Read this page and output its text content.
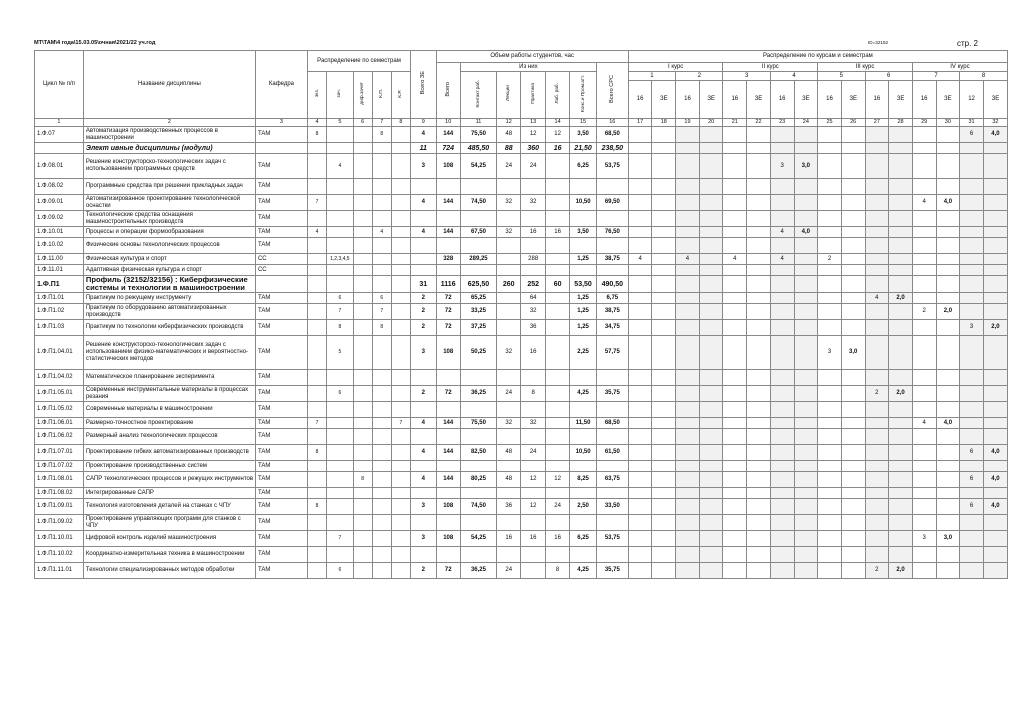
МТ\ТАМ\4 года\15.03.05\очная\2021/22 уч.год	ID=32152	стр. 2
Цикл № п/п	Название дисциплины	Кафедра	Распределение по семестрам					Всего ЗЕ	Объем работы студентов, час							Распределение по курсам и семестрам															
									Всего	Из них					Всего СРС	I курс				II курс				III курс				IV курс			
			экз.	зач.	диф.зачет	К.П.	К.Р.			Контакт.раб.	Лекции	Практика	Лаб. раб.	Конс.и Пром.атт.		1		2		3		4		5		6		7		8	
																16	ЗЕ	16	ЗЕ	16	ЗЕ	16	ЗЕ	16	ЗЕ	16	ЗЕ	16	ЗЕ	12	ЗЕ
1	2	3	4	5	6	7	8	9	10	11	12	13	14	15	16	17	18	19	20	21	22	23	24	25	26	27	28	29	30	31	32
1.Ф.07	Автоматизация производственных процессов в машиностроении	ТАМ	8			8		4	144	75,50	48	12	12	3,50	68,50															6	4,0
	Элект ивные дисциплины (модули)							11	724	485,50	88	360	16	21,50	238,50																
1.Ф.08.01	Решение конструкторско-технологических задач с использованием программных средств	ТАМ		4				3	108	54,25	24	24		6,25	53,75							3	3,0								
1.Ф.08.02	Программные средства при решении прикладных задач	ТАМ																													
1.Ф.09.01	Автоматизированное проектирование технологической оснастки	ТАМ	7					4	144	74,50	32	32		10,50	69,50													4	4,0		
1.Ф.09.02	Технологические средства оснащения машиностроительных производств	ТАМ																													
1.Ф.10.01	Процессы и операции формообразования	ТАМ	4			4		4	144	67,50	32	16	16	3,50	76,50							4	4,0								
1.Ф.10.02	Физические основы технологических процессов	ТАМ																													
1.Ф.11.00	Физическая культура и спорт	СС		1,2,3,4,5					328	289,25		288		1,25	38,75	4		4		4		4		2							
1.Ф.11.01	Адаптивная физическая культура и спорт	СС																													
1.Ф.П1	Профиль (32152/32156) : Киберфизические системы и технологии в машиностроении							31	1116	625,50	260	252	60	53,50	490,50																
1.Ф.П1.01	Практикум по режущему инструменту	ТАМ		6		6		2	72	65,25		64		1,25	6,75											4	2,0				
1.Ф.П1.02	Практикум по оборудованию автоматизированных производств	ТАМ		7		7		2	72	33,25		32		1,25	38,75													2	2,0		
1.Ф.П1.03	Практикум по технологии киберфизических производств	ТАМ		8		8		2	72	37,25		36		1,25	34,75															3	2,0
1.Ф.П1.04.01	Решение конструкторско-технологических задач с использованием физико-математических и вероятностно-статистических методов	ТАМ		5				3	108	50,25	32	16		2,25	57,75									3	3,0						
1.Ф.П1.04.02	Математическое планирование эксперимента	ТАМ																													
1.Ф.П1.05.01	Современные инструментальные материалы в процессах резания	ТАМ		6				2	72	36,25	24	8		4,25	35,75											2	2,0				
1.Ф.П1.05.02	Современные материалы в машиностроении	ТАМ																													
1.Ф.П1.06.01	Размерно-точностное проектирование	ТАМ	7				7	4	144	75,50	32	32		11,50	68,50													4	4,0		
1.Ф.П1.06.02	Размерный анализ технологических процессов	ТАМ																													
1.Ф.П1.07.01	Проектирование гибких автоматизированных производств	ТАМ	8					4	144	82,50	48	24		10,50	61,50															6	4,0
1.Ф.П1.07.02	Проектирование производственных систем	ТАМ																													
1.Ф.П1.08.01	САПР технологических процессов и режущих инструментов	ТАМ			8			4	144	80,25	48	12	12	8,25	63,75															6	4,0
1.Ф.П1.08.02	Интегрированные САПР	ТАМ																													
1.Ф.П1.09.01	Технология изготовления деталей на станках с ЧПУ	ТАМ	8					3	108	74,50	36	12	24	2,50	33,50															6	4,0
1.Ф.П1.09.02	Проектирование управляющих программ для станков с ЧПУ	ТАМ																													
1.Ф.П1.10.01	Цифровой контроль изделий машиностроения	ТАМ		7				3	108	54,25	16	16	16	6,25	53,75													3	3,0		
1.Ф.П1.10.02	Координатно-измерительная техника в машиностроении	ТАМ																													
1.Ф.П1.11.01	Технологии специализированных методов обработки	ТАМ		6				2	72	36,25	24		8	4,25	35,75											2	2,0				
